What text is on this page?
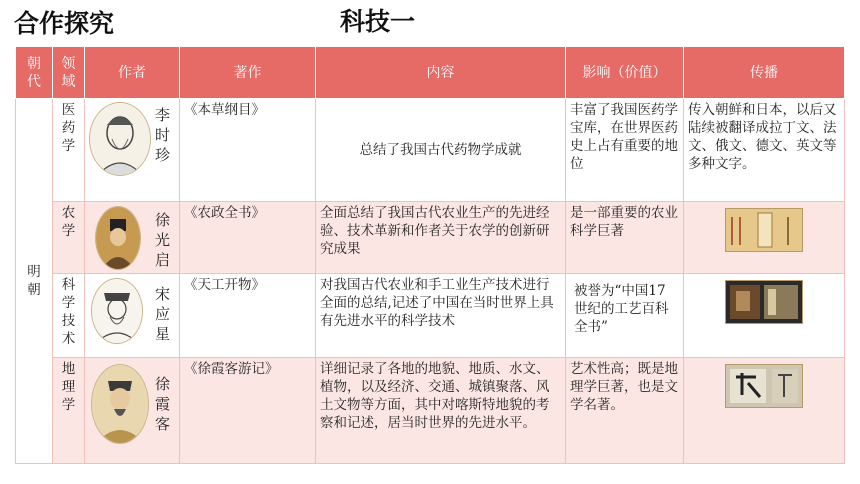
合作探究	科技一
朝代	领域	作者	著作	内容	影响（价值）	传播

明朝	医药学	李时珍	《本草纲目》	总结了我国古代药物学成就	丰富了我国医药学宝库，在世界医药史上占有重要的地位	传入朝鲜和日本，以后又陆续被翻译成拉丁文、法文、俄文、德文、英文等多种文字。

	农学	徐光启	《农政全书》	全面总结了我国古代农业生产的先进经验、技术革新和作者关于农学的创新研究成果	是一部重要的农业科学巨著	

	科学技术	宋应星	《天工开物》	对我国古代农业和手工业生产技术进行全面的总结,记述了中国在当时世界上具有先进水平的科学技术	被誉为“中国17世纪的工艺百科全书”	

	地理学	徐霞客	《徐霞客游记》	详细记录了各地的地貌、地质、水文、植物，以及经济、交通、城镇聚落、风土文物等方面，其中对喀斯特地貌的考察和记述，居当时世界的先进水平。	艺术性高；既是地理学巨著，也是文学名著。	
